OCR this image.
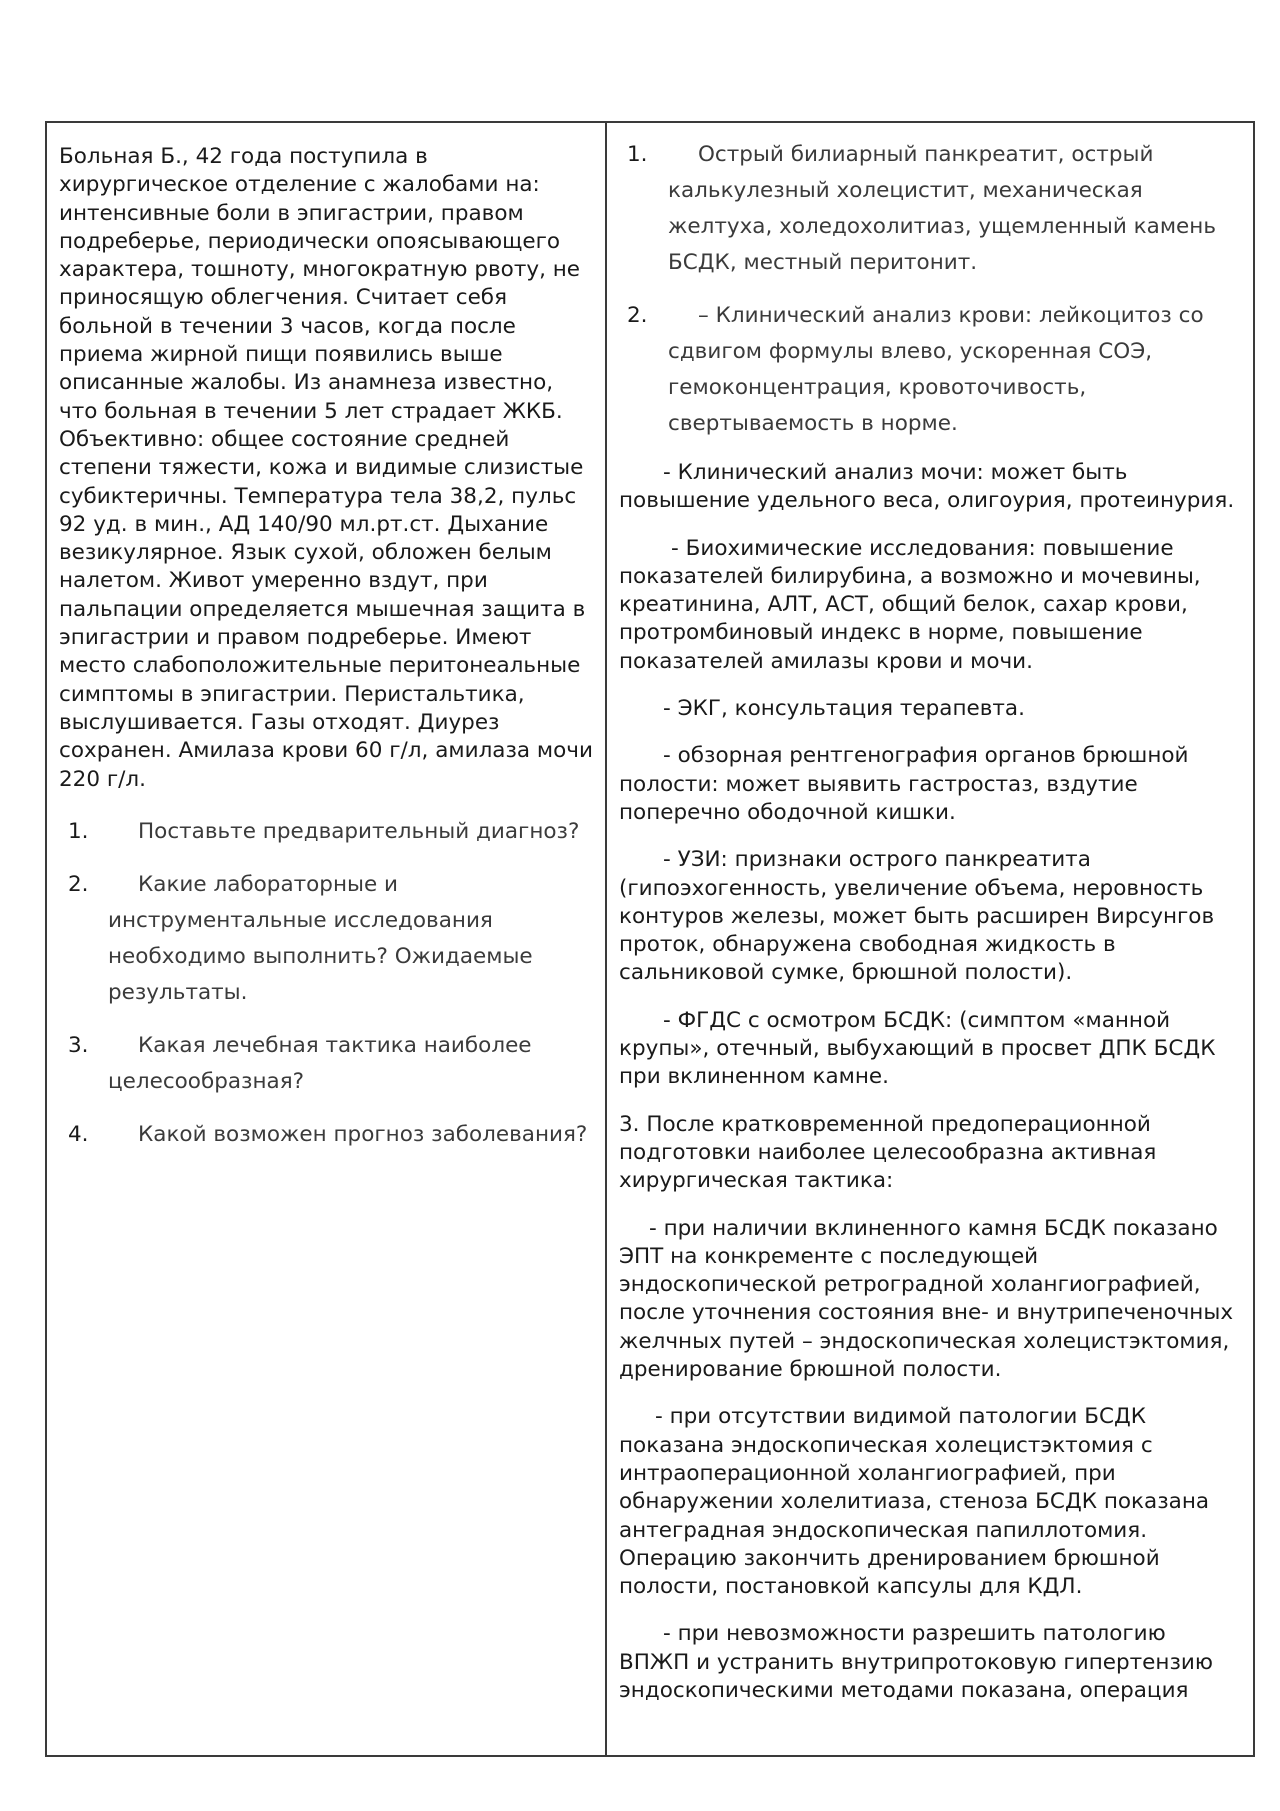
Больная Б., 42 года поступила в хирургическое отделение с жалобами на: интенсивные боли в эпигастрии, правом подреберье, периодически опоясывающего характера, тошноту, многократную рвоту, не приносящую облегчения. Считает себя больной в течении 3 часов, когда после приема жирной пищи появились выше описанные жалобы. Из анамнеза известно, что больная в течении 5 лет страдает ЖКБ. Объективно: общее состояние средней степени тяжести, кожа и видимые слизистые субиктеричны. Температура тела 38,2, пульс 92 уд. в мин., АД 140/90 мл.рт.ст. Дыхание везикулярное. Язык сухой, обложен белым налетом. Живот умеренно вздут, при пальпации определяется мышечная защита в эпигастрии и правом подреберье. Имеют место слабоположительные перитонеальные симптомы в эпигастрии. Перистальтика, выслушивается. Газы отходят. Диурез сохранен. Амилаза крови 60 г/л, амилаза мочи 220 г/л.

1. Поставьте предварительный диагноз?
2. Какие лабораторные и инструментальные исследования необходимо выполнить? Ожидаемые результаты.
3. Какая лечебная тактика наиболее целесообразная?
4. Какой возможен прогноз заболевания?
1. Острый билиарный панкреатит, острый калькулезный холецистит, механическая желтуха, холедохолитиаз, ущемленный камень БСДК, местный перитонит.
2. – Клинический анализ крови: лейкоцитоз со сдвигом формулы влево, ускоренная СОЭ, гемоконцентрация, кровоточивость, свертываемость в норме.

- Клинический анализ мочи: может быть повышение удельного веса, олигоурия, протеинурия.

- Биохимические исследования: повышение показателей билирубина, а возможно и мочевины, креатинина, АЛТ, АСТ, общий белок, сахар крови, протромбиновый индекс в норме, повышение показателей амилазы крови и мочи.

- ЭКГ, консультация терапевта.

- обзорная рентгенография органов брюшной полости: может выявить гастростаз, вздутие поперечно ободочной кишки.

- УЗИ: признаки острого панкреатита (гипоэхогенность, увеличение объема, неровность контуров железы, может быть расширен Вирсунгов проток, обнаружена свободная жидкость в сальниковой сумке, брюшной полости).

- ФГДС с осмотром БСДК: (симптом «манной крупы», отечный, выбухающий в просвет ДПК БСДК при вклиненном камне.

3. После кратковременной предоперационной подготовки наиболее целесообразна активная хирургическая тактика:

- при наличии вклиненного камня БСДК показано ЭПТ на конкременте с последующей эндоскопической ретроградной холангиографией, после уточнения состояния вне- и внутрипеченочных желчных путей – эндоскопическая холецистэктомия, дренирование брюшной полости.

- при отсутствии видимой патологии БСДК показана эндоскопическая холецистэктомия с интраоперационной холангиографией, при обнаружении холелитиаза, стеноза БСДК показана антеградная эндоскопическая папиллотомия. Операцию закончить дренированием брюшной полости, постановкой капсулы для КДЛ.

- при невозможности разрешить патологию ВПЖП и устранить внутрипротоковую гипертензию эндоскопическими методами показана, операция
